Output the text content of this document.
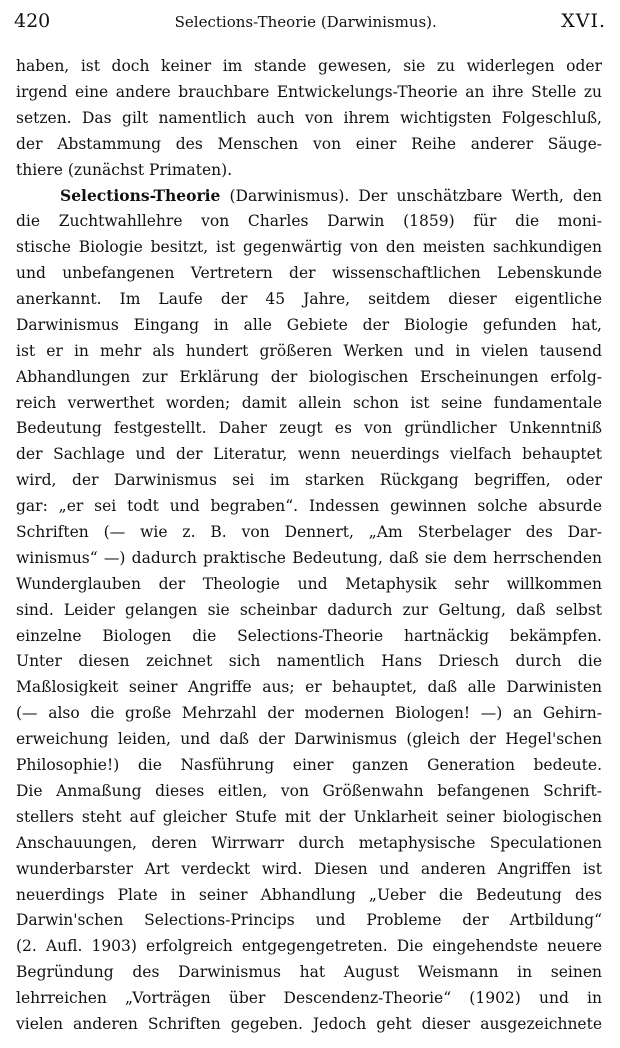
420	Selections-Theorie (Darwinismus).	XVI.
haben, ist doch keiner im stande gewesen, sie zu widerlegen oder
irgend eine andere brauchbare Entwickelungs-Theorie an ihre Stelle zu
setzen. Das gilt namentlich auch von ihrem wichtigsten Folgeschluß,
der Abstammung des Menschen von einer Reihe anderer Säuge-
thiere (zunächst Primaten).
Selections-Theorie (Darwinismus). Der unschätzbare Werth, den
die Zuchtwahllehre von Charles Darwin (1859) für die moni-
stische Biologie besitzt, ist gegenwärtig von den meisten sachkundigen
und unbefangenen Vertretern der wissenschaftlichen Lebenskunde
anerkannt. Im Laufe der 45 Jahre, seitdem dieser eigentliche
Darwinismus Eingang in alle Gebiete der Biologie gefunden hat,
ist er in mehr als hundert größeren Werken und in vielen tausend
Abhandlungen zur Erklärung der biologischen Erscheinungen erfolg-
reich verwerthet worden; damit allein schon ist seine fundamentale
Bedeutung festgestellt. Daher zeugt es von gründlicher Unkenntniß
der Sachlage und der Literatur, wenn neuerdings vielfach behauptet
wird, der Darwinismus sei im starken Rückgang begriffen, oder
gar: „er sei todt und begraben“. Indessen gewinnen solche absurde
Schriften (— wie z. B. von Dennert, „Am Sterbelager des Dar-
winismus“ —) dadurch praktische Bedeutung, daß sie dem herrschenden
Wunderglauben der Theologie und Metaphysik sehr willkommen
sind. Leider gelangen sie scheinbar dadurch zur Geltung, daß selbst
einzelne Biologen die Selections-Theorie hartnäckig bekämpfen.
Unter diesen zeichnet sich namentlich Hans Driesch durch die
Maßlosigkeit seiner Angriffe aus; er behauptet, daß alle Darwinisten
(— also die große Mehrzahl der modernen Biologen! —) an Gehirn-
erweichung leiden, und daß der Darwinismus (gleich der Hegel'schen
Philosophie!) die Nasführung einer ganzen Generation bedeute.
Die Anmaßung dieses eitlen, von Größenwahn befangenen Schrift-
stellers steht auf gleicher Stufe mit der Unklarheit seiner biologischen
Anschauungen, deren Wirrwarr durch metaphysische Speculationen
wunderbarster Art verdeckt wird. Diesen und anderen Angriffen ist
neuerdings Plate in seiner Abhandlung „Ueber die Bedeutung des
Darwin'schen Selections-Princips und Probleme der Artbildung“
(2. Aufl. 1903) erfolgreich entgegengetreten. Die eingehendste neuere
Begründung des Darwinismus hat August Weismann in seinen
lehrreichen „Vorträgen über Descendenz-Theorie“ (1902) und in
vielen anderen Schriften gegeben. Jedoch geht dieser ausgezeichnete
